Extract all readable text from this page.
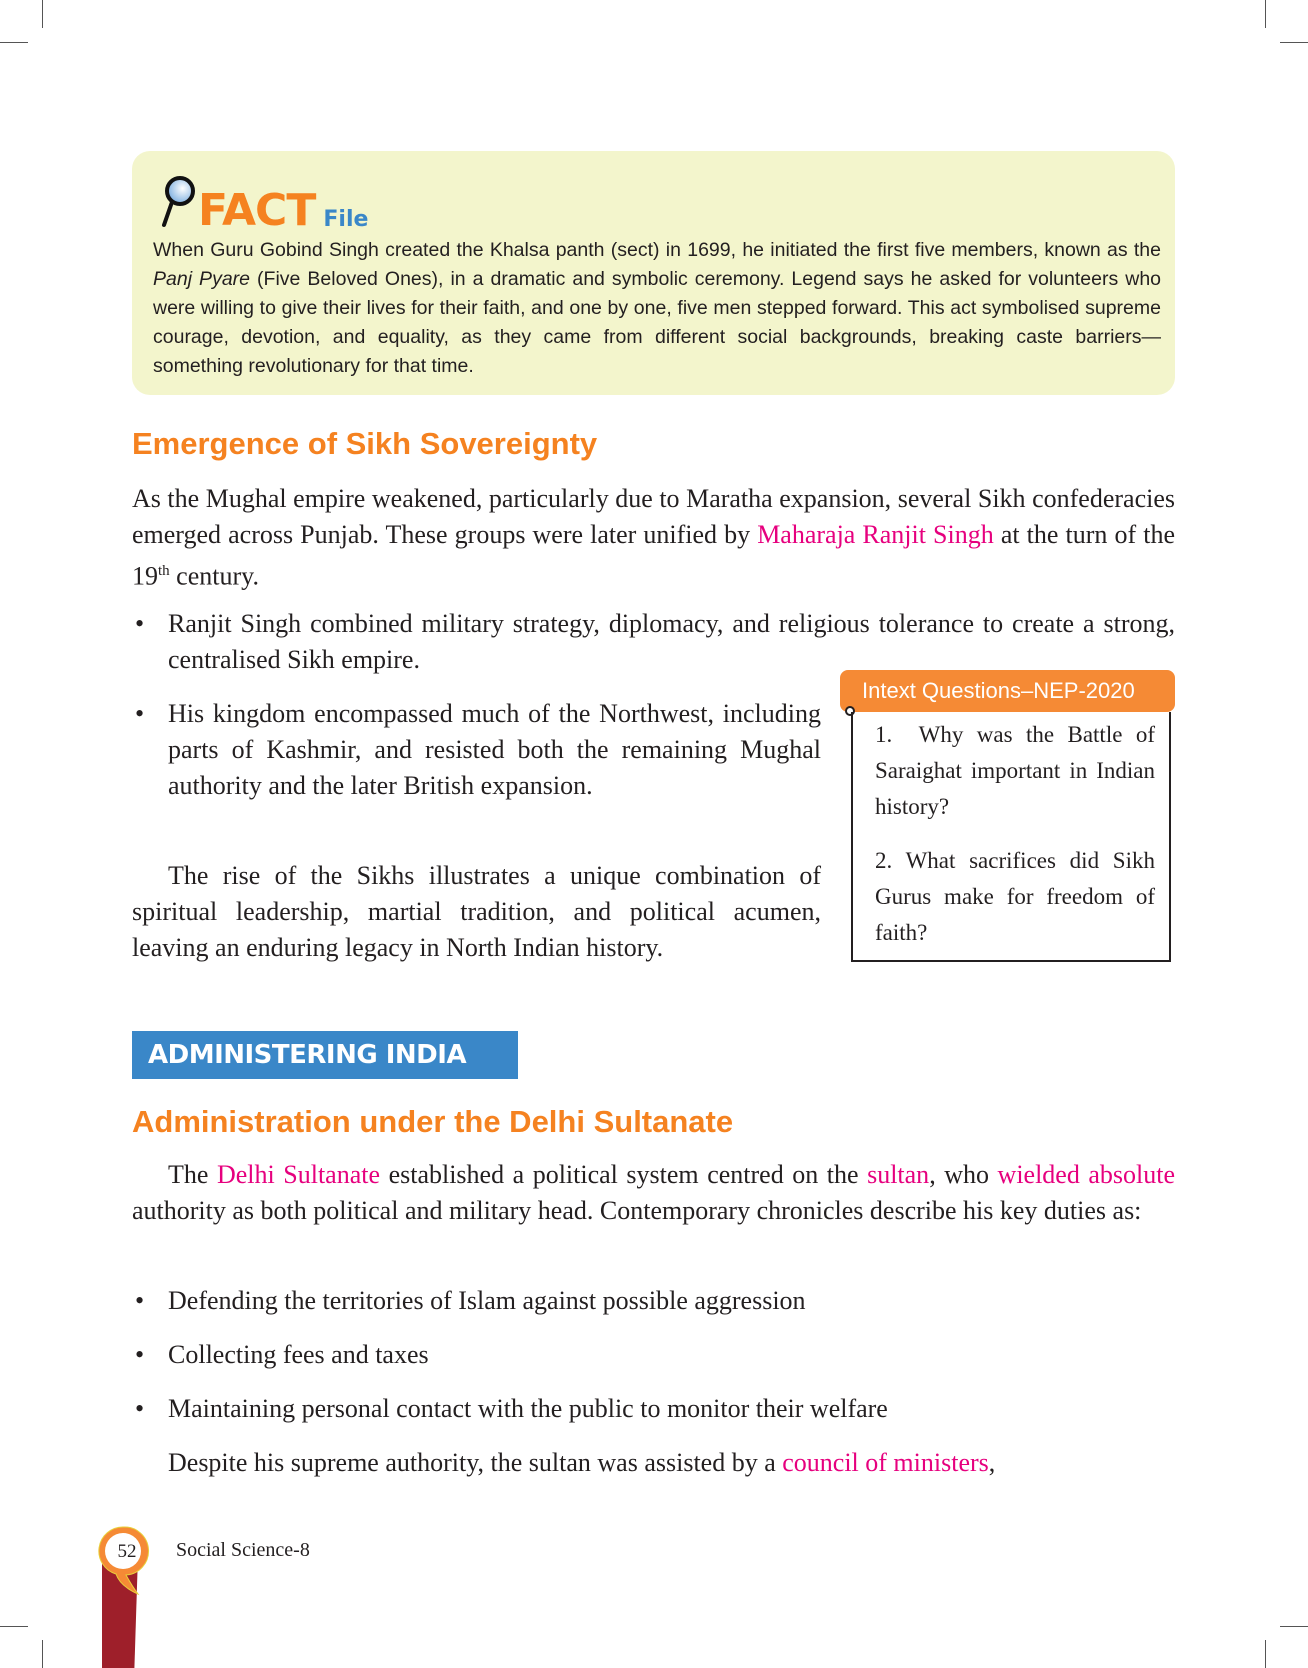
FACT File
When Guru Gobind Singh created the Khalsa panth (sect) in 1699, he initiated the first five members, known as the Panj Pyare (Five Beloved Ones), in a dramatic and symbolic ceremony. Legend says he asked for volunteers who were willing to give their lives for their faith, and one by one, five men stepped forward. This act symbolised supreme courage, devotion, and equality, as they came from different social backgrounds, breaking caste barriers— something revolutionary for that time.
Emergence of Sikh Sovereignty
As the Mughal empire weakened, particularly due to Maratha expansion, several Sikh confederacies emerged across Punjab. These groups were later unified by Maharaja Ranjit Singh at the turn of the 19th century.
• Ranjit Singh combined military strategy, diplomacy, and religious tolerance to create a strong, centralised Sikh empire.
• His kingdom encompassed much of the Northwest, including parts of Kashmir, and resisted both the remaining Mughal authority and the later British expansion.
The rise of the Sikhs illustrates a unique combination of spiritual leadership, martial tradition, and political acumen, leaving an enduring legacy in North Indian history.
Intext Questions–NEP-2020
1.  Why was the Battle of Saraighat important in Indian history?
2. What sacrifices did Sikh Gurus make for freedom of faith?
ADMINISTERING INDIA
Administration under the Delhi Sultanate
The Delhi Sultanate established a political system centred on the sultan, who wielded absolute authority as both political and military head. Contemporary chronicles describe his key duties as:
• Defending the territories of Islam against possible aggression
• Collecting fees and taxes
• Maintaining personal contact with the public to monitor their welfare
Despite his supreme authority, the sultan was assisted by a council of ministers,
52	Social Science-8
